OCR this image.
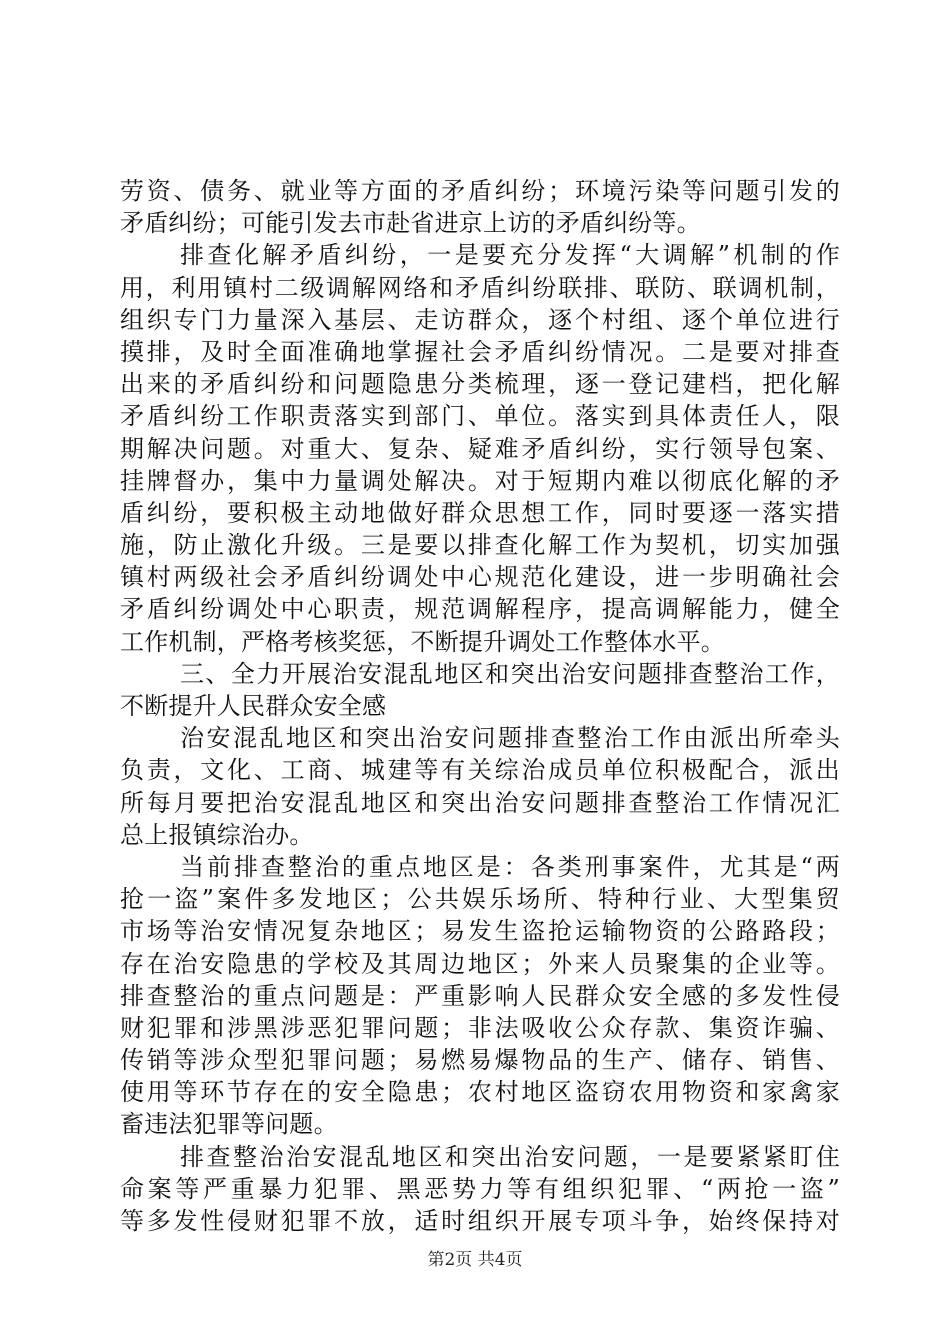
劳资、债务、就业等方面的矛盾纠纷；环境污染等问题引发的
矛盾纠纷；可能引发去市赴省进京上访的矛盾纠纷等。
排查化解矛盾纠纷，一是要充分发挥“大调解”机制的作
用，利用镇村二级调解网络和矛盾纠纷联排、联防、联调机制，
组织专门力量深入基层、走访群众，逐个村组、逐个单位进行
摸排，及时全面准确地掌握社会矛盾纠纷情况。二是要对排查
出来的矛盾纠纷和问题隐患分类梳理，逐一登记建档，把化解
矛盾纠纷工作职责落实到部门、单位。落实到具体责任人，限
期解决问题。对重大、复杂、疑难矛盾纠纷，实行领导包案、
挂牌督办，集中力量调处解决。对于短期内难以彻底化解的矛
盾纠纷，要积极主动地做好群众思想工作，同时要逐一落实措
施，防止激化升级。三是要以排查化解工作为契机，切实加强
镇村两级社会矛盾纠纷调处中心规范化建设，进一步明确社会
矛盾纠纷调处中心职责，规范调解程序，提高调解能力，健全
工作机制，严格考核奖惩，不断提升调处工作整体水平。
三、全力开展治安混乱地区和突出治安问题排查整治工作，
不断提升人民群众安全感
治安混乱地区和突出治安问题排查整治工作由派出所牵头
负责，文化、工商、城建等有关综治成员单位积极配合，派出
所每月要把治安混乱地区和突出治安问题排查整治工作情况汇
总上报镇综治办。
当前排查整治的重点地区是：各类刑事案件，尤其是“两
抢一盗”案件多发地区；公共娱乐场所、特种行业、大型集贸
市场等治安情况复杂地区；易发生盗抢运输物资的公路路段；
存在治安隐患的学校及其周边地区；外来人员聚集的企业等。
排查整治的重点问题是：严重影响人民群众安全感的多发性侵
财犯罪和涉黑涉恶犯罪问题；非法吸收公众存款、集资诈骗、
传销等涉众型犯罪问题；易燃易爆物品的生产、储存、销售、
使用等环节存在的安全隐患；农村地区盗窃农用物资和家禽家
畜违法犯罪等问题。
排查整治治安混乱地区和突出治安问题，一是要紧紧盯住
命案等严重暴力犯罪、黑恶势力等有组织犯罪、“两抢一盗”
等多发性侵财犯罪不放，适时组织开展专项斗争，始终保持对
第2页 共4页
